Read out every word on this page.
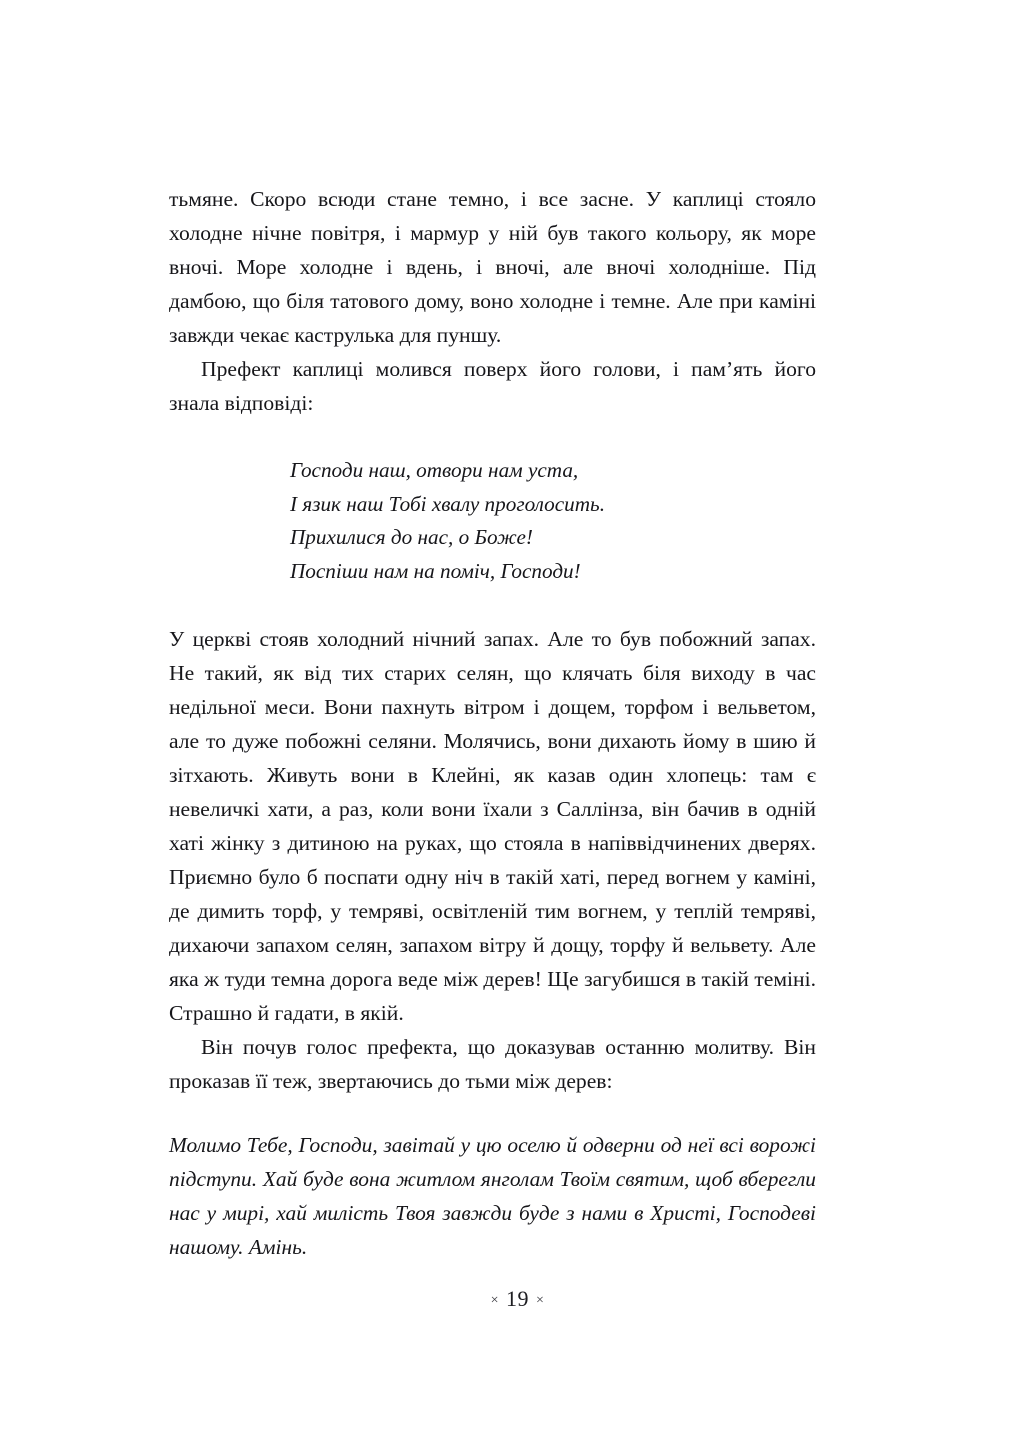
тьмяне. Скоро всюди стане темно, і все засне. У каплиці стояло холодне нічне повітря, і мармур у ній був такого кольору, як море вночі. Море холодне і вдень, і вночі, але вночі холодніше. Під дамбою, що біля татового дому, воно холодне і темне. Але при каміні завжди чекає каструлька для пуншу.

Префект каплиці молився поверх його голови, і пам’ять його знала відповіді:

Господи наш, отвори нам уста,
І язик наш Тобі хвалу проголосить.
Прихилися до нас, о Боже!
Поспіши нам на поміч, Господи!

У церкві стояв холодний нічний запах. Але то був побожний запах. Не такий, як від тих старих селян, що клячать біля виходу в час недільної меси. Вони пахнуть вітром і дощем, торфом і вельветом, але то дуже побожні селяни. Молячись, вони дихають йому в шию й зітхають. Живуть вони в Клейні, як казав один хлопець: там є невеличкі хати, а раз, коли вони їхали з Саллінза, він бачив в одній хаті жінку з дитиною на руках, що стояла в напіввідчинених дверях. Приємно було б поспати одну ніч в такій хаті, перед вогнем у каміні, де димить торф, у темряві, освітленій тим вогнем, у теплій темряві, дихаючи запахом селян, запахом вітру й дощу, торфу й вельвету. Але яка ж туди темна дорога веде між дерев! Ще загубишся в такій теміні. Страшно й гадати, в якій.

Він почув голос префекта, що доказував останню молитву. Він проказав її теж, звертаючись до тьми між дерев:

Молимо Тебе, Господи, завітай у цю оселю й одверни од неї всі ворожі підступи. Хай буде вона житлом янголам Твоїм святим, щоб вберегли нас у мирі, хай милість Твоя завжди буде з нами в Христі, Господеві нашому. Амінь.

× 19 ×
